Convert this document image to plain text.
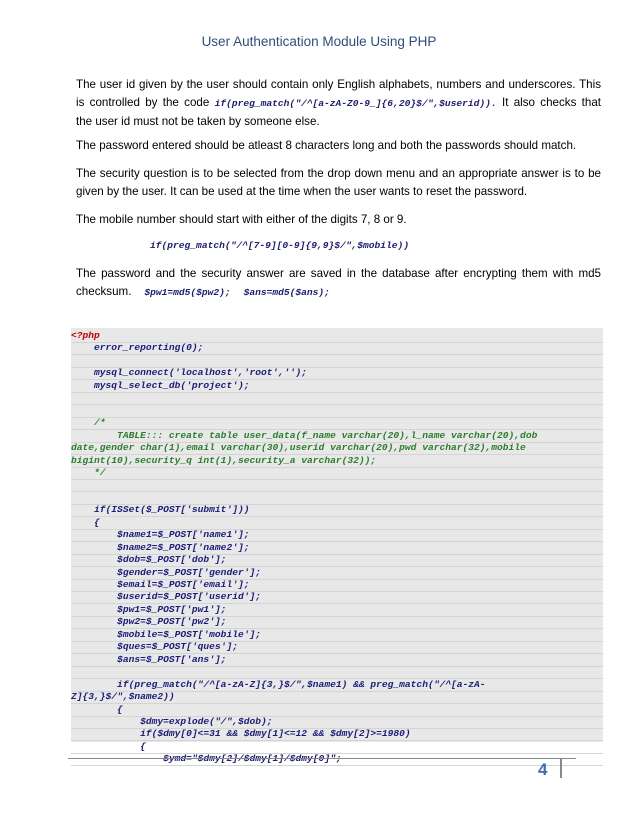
User Authentication Module Using PHP
The user id given by the user should contain only English alphabets, numbers and underscores. This is controlled by the code if(preg_match("/^[a-zA-Z0-9_]{6,20}$/",$userid)). It also checks that the user id must not be taken by someone else.
The password entered should be atleast 8 characters long and both the passwords should match.
The security question is to be selected from the drop down menu and an appropriate answer is to be given by the user. It can be used at the time when the user wants to reset the password.
The mobile number should start with either of the digits 7, 8 or 9.
if(preg_match("/^[7-9][0-9]{9,9}$/",$mobile))
The password and the security answer are saved in the database after encrypting them with md5 checksum. $pw1=md5($pw2); $ans=md5($ans);
<?php
error_reporting(0);
mysql_connect('localhost','root','');
mysql_select_db('project');
/*
TABLE::: create table user_data(f_name varchar(20),l_name varchar(20),dob
date,gender char(1),email varchar(30),userid varchar(20),pwd varchar(32),mobile
bigint(10),security_q int(1),security_a varchar(32));
*/
if(ISSet($_POST['submit']))
{
$name1=$_POST['name1'];
$name2=$_POST['name2'];
$dob=$_POST['dob'];
$gender=$_POST['gender'];
$email=$_POST['email'];
$userid=$_POST['userid'];
$pw1=$_POST['pw1'];
$pw2=$_POST['pw2'];
$mobile=$_POST['mobile'];
$ques=$_POST['ques'];
$ans=$_POST['ans'];
if(preg_match("/^[a-zA-Z]{3,}$/",$name1) && preg_match("/^[a-zA-
Z]{3,}$/",$name2))
{
$dmy=explode("/",$dob);
if($dmy[0]<=31 && $dmy[1]<=12 && $dmy[2]>=1980)
{
4
